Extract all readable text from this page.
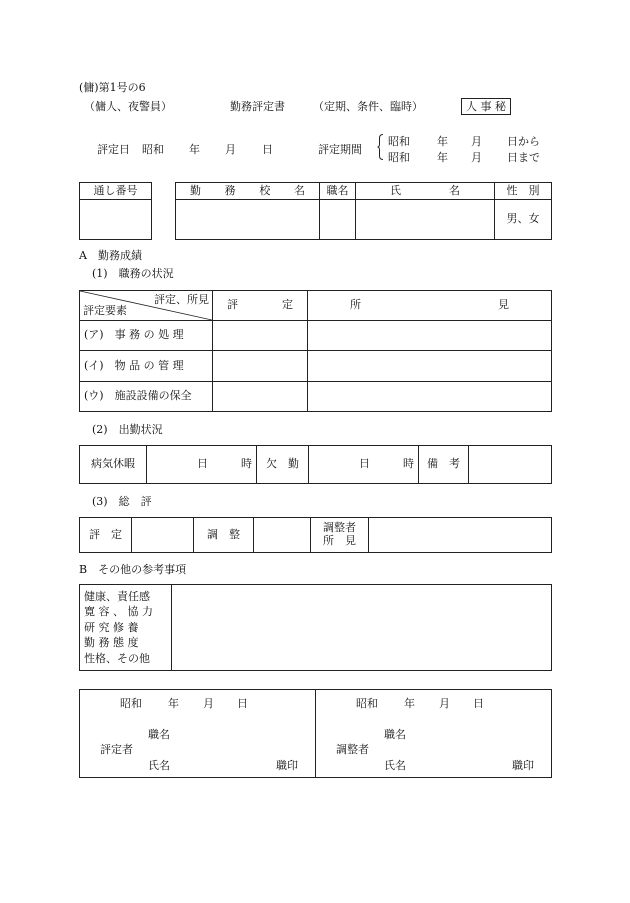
(傭)第1号の6
（傭人、夜警員）	勤務評定書	（定期、条件、臨時）	人 事 秘
評定日 昭和 年 月 日	評定期間
昭和 年 月 日から
昭和 年 月 日まで
通し番号	勤 務 校 名	職名	氏 名	性　別
			男、女
A　勤務成績
(1)　職務の状況
評定、所見
評定要素	評 定	所 見

(ア)　事 務 の 処 理		
(イ)　物 品 の 管 理		
(ウ)　施設設備の保全		
(2)　出勤状況
病気休暇	日	時	欠　勤	日	時	備　考	
(3)　総　評
評　定		調　整		調整者
所　見

B　その他の参考事項
健康、責任感
寛 容 、 協 力
研 究 修 養
勤 務 態 度
性格、その他

昭和 年 月 日
職名
評定者
氏名	職印

昭和 年 月 日
職名
調整者
氏名	職印
